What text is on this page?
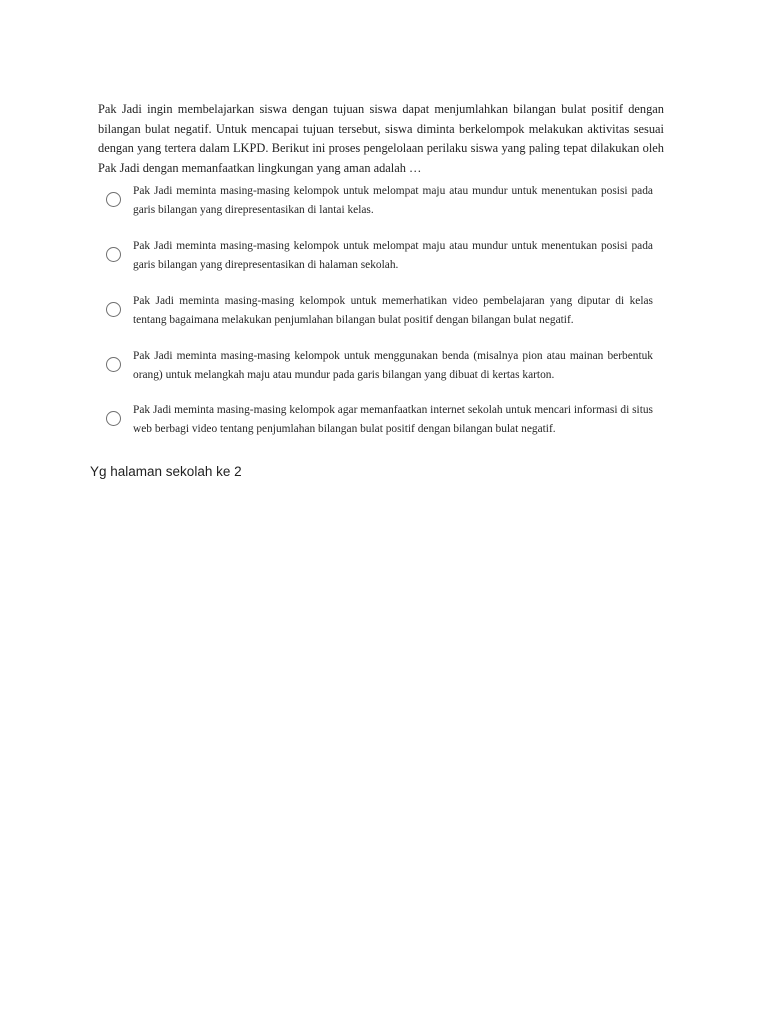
Pak Jadi ingin membelajarkan siswa dengan tujuan siswa dapat menjumlahkan bilangan bulat positif dengan bilangan bulat negatif. Untuk mencapai tujuan tersebut, siswa diminta berkelompok melakukan aktivitas sesuai dengan yang tertera dalam LKPD. Berikut ini proses pengelolaan perilaku siswa yang paling tepat dilakukan oleh Pak Jadi dengan memanfaatkan lingkungan yang aman adalah …

Pak Jadi meminta masing-masing kelompok untuk melompat maju atau mundur untuk menentukan posisi pada garis bilangan yang direpresentasikan di lantai kelas.

Pak Jadi meminta masing-masing kelompok untuk melompat maju atau mundur untuk menentukan posisi pada garis bilangan yang direpresentasikan di halaman sekolah.

Pak Jadi meminta masing-masing kelompok untuk memerhatikan video pembelajaran yang diputar di kelas tentang bagaimana melakukan penjumlahan bilangan bulat positif dengan bilangan bulat negatif.

Pak Jadi meminta masing-masing kelompok untuk menggunakan benda (misalnya pion atau mainan berbentuk orang) untuk melangkah maju atau mundur pada garis bilangan yang dibuat di kertas karton.

Pak Jadi meminta masing-masing kelompok agar memanfaatkan internet sekolah untuk mencari informasi di situs web berbagi video tentang penjumlahan bilangan bulat positif dengan bilangan bulat negatif.

Yg halaman sekolah ke 2
